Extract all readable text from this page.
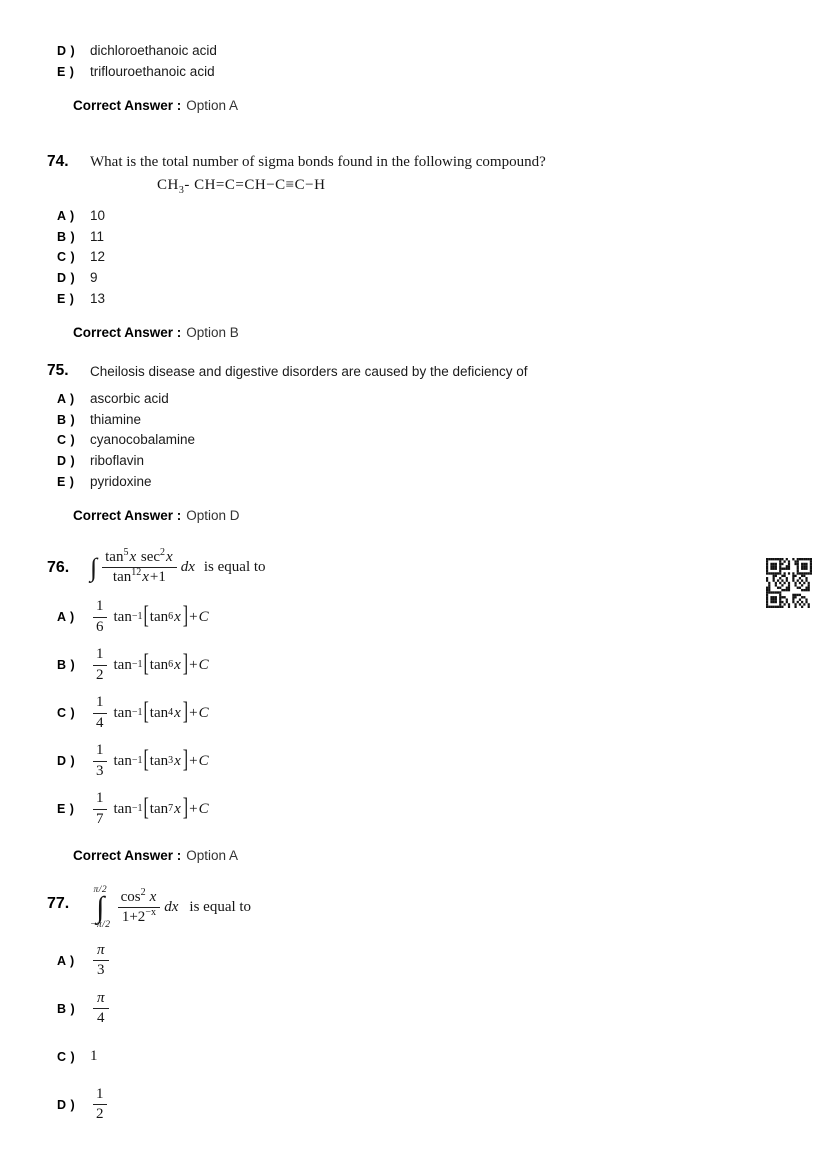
D )	dichloroethanoic acid
E )	triflouroethanoic acid
Correct Answer : Option A
74.	What is the total number of sigma bonds found in the following compound?
$CH_3-$ CH=C=CH−C≡C−H
A )	10
B )	11
C )	12
D )	9
E )	13
Correct Answer : Option B
75.	Cheilosis disease and digestive disorders are caused by the deficiency of
A )	ascorbic acid
B )	thiamine
C )	cyanocobalamine
D )	riboflavin
E )	pyridoxine
Correct Answer : Option D
76. ∫ $\frac{\tan^5x \sec^2x}{\tan^{12}x+1}$ dx is equal to
A )	$\frac{1}{6}$ tan −1 [ tan 6 x ] + C
B )	$\frac{1}{2}$ tan −1 [ tan 6 x ] + C
C )	$\frac{1}{4}$ tan −1 [ tan 4 x ] + C
D )	$\frac{1}{3}$ tan −1 [ tan 3 x ] + C
E )	$\frac{1}{7}$ tan −1 [ tan 7 x ] + C
Correct Answer : Option A
77.
π/2
∫
$-\pi/2 \frac{\cos^2 x}{1+2^{-x}}$ dx is equal to
A )	$\frac{\pi}{3}$
B )	$\frac{\pi}{4}$
C ) 1
D )	$\frac{1}{2}$
